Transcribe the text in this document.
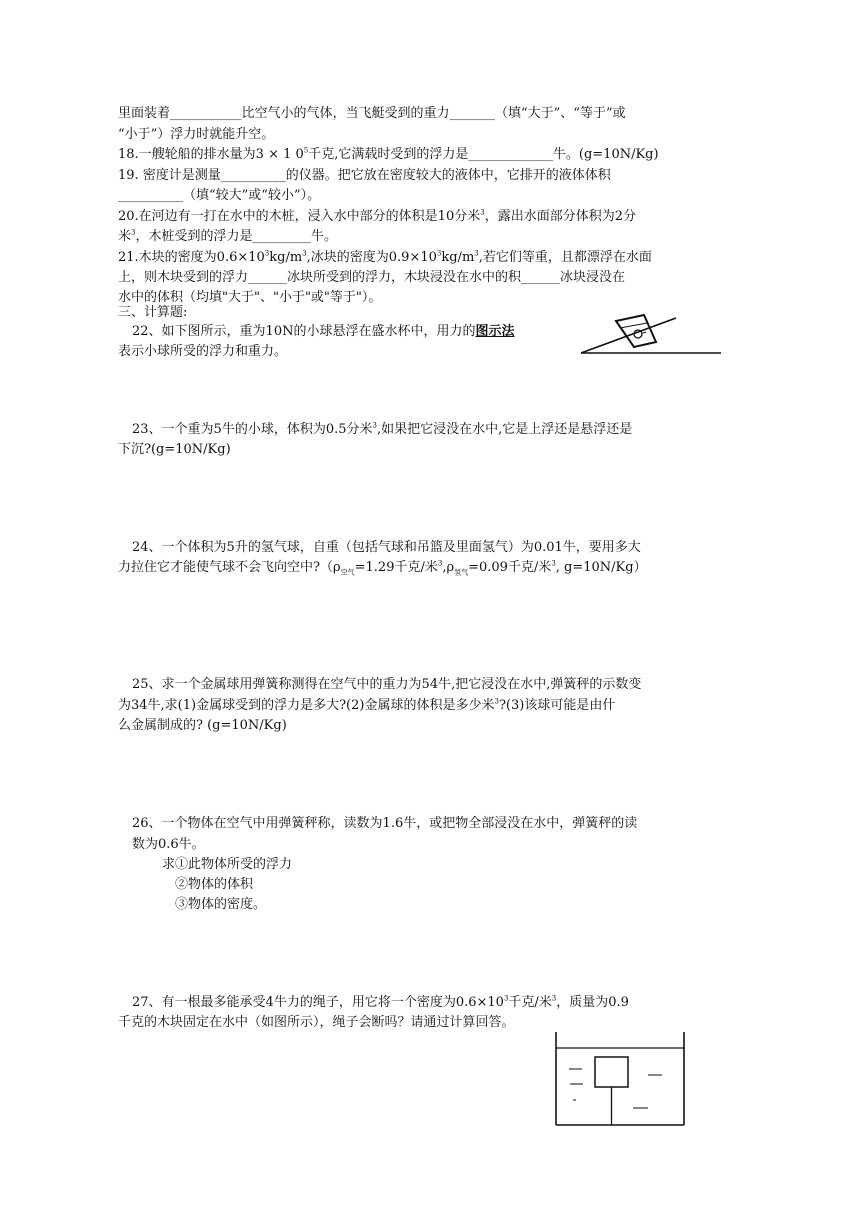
里面装着___________比空气小的气体，当飞艇受到的重力_______（填“大于”、“等于”或
“小于”）浮力时就能升空。
18.一艘轮船的排水量为3 × 1 $0^5$千克,它满载时受到的浮力是_____________牛。(g=10N/Kg)
19. 密度计是测量__________的仪器。把它放在密度较大的液体中，它排开的液体体积
__________（填“较大”或“较小”）。
20.在河边有一打在水中的木桩，浸入水中部分的体积是10分米$^3$，露出水面部分体积为2分
米$^3$，木桩受到的浮力是_________牛。
21.木块的密度为$0.6\times 10^3kg/m^3$,冰块的密度为$0.9\times 10^3kg/m^3$,若它们等重，且都漂浮在水面
上，则木块受到的浮力______冰块所受到的浮力，木块浸没在水中的积______冰块浸没在
水中的体积（均填"大于"、"小于"或"等于"）。
三、计算题:
22、如下图所示，重为10N的小球悬浮在盛水杯中，用力的图示法
表示小球所受的浮力和重力。
23、一个重为5牛的小球，体积为0.5分米$^3$,如果把它浸没在水中,它是上浮还是悬浮还是
下沉?(g=10N/Kg)
24、一个体积为5升的氢气球，自重（包括气球和吊篮及里面氢气）为0.01牛，要用多大
力拉住它才能使气球不会飞向空中$?(\rho_{空气}=1.29$千克/米$^3,\rho_{氢气}=0.09$千克/米$^3$, g=10N/Kg）
25、求一个金属球用弹簧称测得在空气中的重力为54牛,把它浸没在水中,弹簧秤的示数变
为34牛,求(1)金属球受到的浮力是多大?(2)金属球的体积是多少米$^3$?(3)该球可能是由什
么金属制成的? (g=10N/Kg)
26、一个物体在空气中用弹簧秤称，读数为1.6牛，或把物全部浸没在水中，弹簧秤的读
数为0.6牛。
求①此物体所受的浮力
②物体的体积
③物体的密度。
27、有一根最多能承受4牛力的绳子，用它将一个密度为$0.6\times 10^3$千克/米$^3$，质量为0.9
千克的木块固定在水中（如图所示），绳子会断吗？请通过计算回答。
